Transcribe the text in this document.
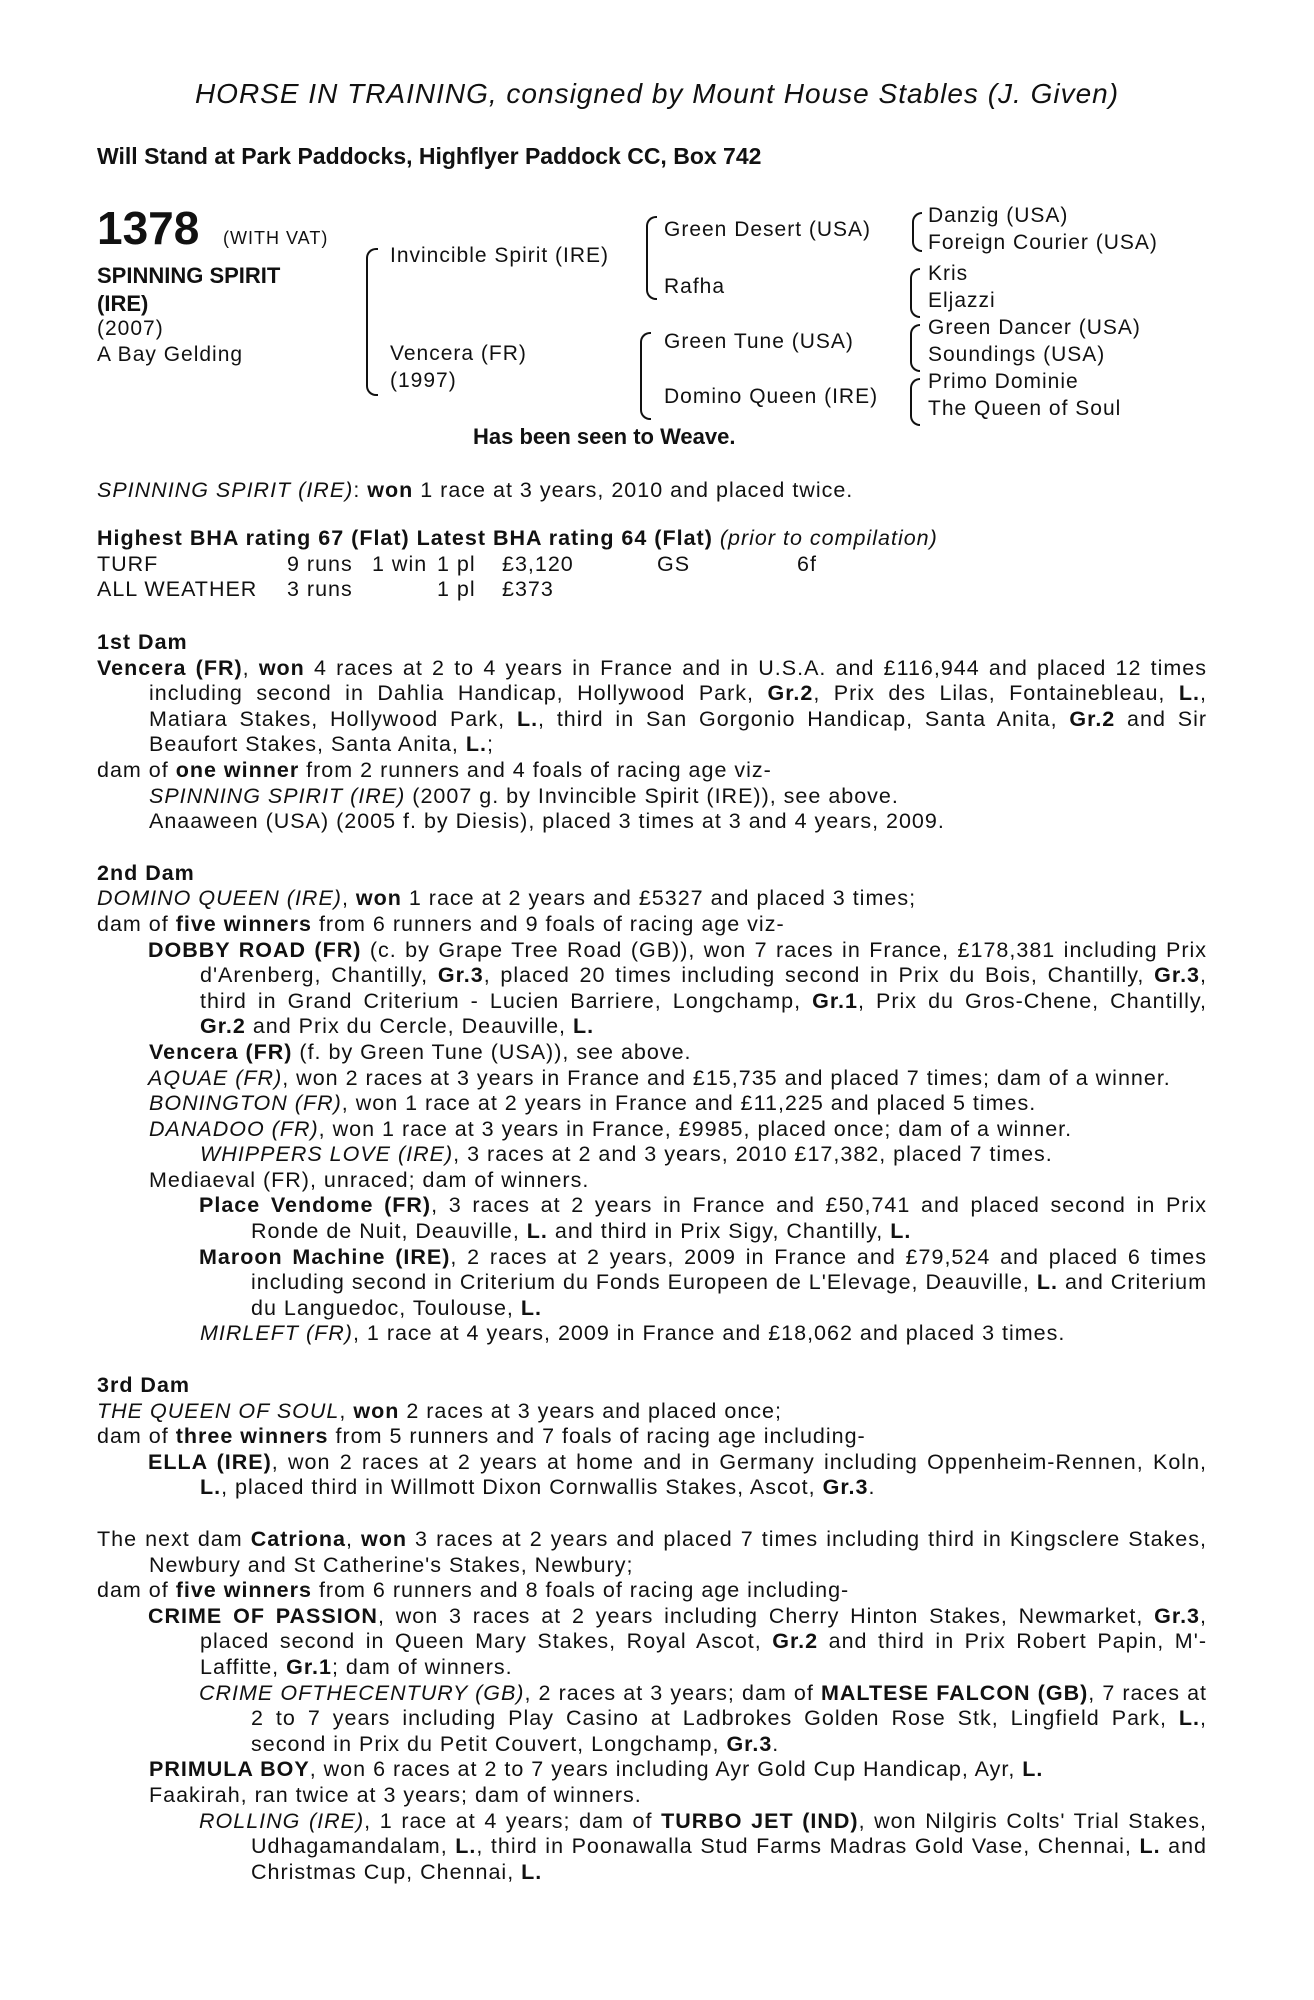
HORSE IN TRAINING, consigned by Mount House Stables (J. Given)
Will Stand at Park Paddocks, Highflyer Paddock CC, Box 742
1378 (WITH VAT)
SPINNING SPIRIT
(IRE)
(2007)
A Bay Gelding
Invincible Spirit (IRE)
Vencera (FR)
(1997)
Green Desert (USA)
Rafha
Green Tune (USA)
Domino Queen (IRE)
Danzig (USA)
Foreign Courier (USA)
Kris
Eljazzi
Green Dancer (USA)
Soundings (USA)
Primo Dominie
The Queen of Soul
Has been seen to Weave.

SPINNING SPIRIT (IRE): won 1 race at 3 years, 2010 and placed twice.

Highest BHA rating 67 (Flat) Latest BHA rating 64 (Flat) (prior to compilation)

TURF	9 runs	1 win	1 pl	£3,120	GS	6f
ALL WEATHER	3 runs		1 pl	£373		

1st Dam

Vencera (FR), won 4 races at 2 to 4 years in France and in U.S.A. and £116,944 and placed 12 times including second in Dahlia Handicap, Hollywood Park, Gr.2, Prix des Lilas, Fontainebleau, L., Matiara Stakes, Hollywood Park, L., third in San Gorgonio Handicap, Santa Anita, Gr.2 and Sir Beaufort Stakes, Santa Anita, L.;

dam of one winner from 2 runners and 4 foals of racing age viz-

SPINNING SPIRIT (IRE) (2007 g. by Invincible Spirit (IRE)), see above.

Anaaween (USA) (2005 f. by Diesis), placed 3 times at 3 and 4 years, 2009.

2nd Dam

DOMINO QUEEN (IRE), won 1 race at 2 years and £5327 and placed 3 times;

dam of five winners from 6 runners and 9 foals of racing age viz-

DOBBY ROAD (FR) (c. by Grape Tree Road (GB)), won 7 races in France, £178,381 including Prix d'Arenberg, Chantilly, Gr.3, placed 20 times including second in Prix du Bois, Chantilly, Gr.3, third in Grand Criterium - Lucien Barriere, Longchamp, Gr.1, Prix du Gros-Chene, Chantilly, Gr.2 and Prix du Cercle, Deauville, L.

Vencera (FR) (f. by Green Tune (USA)), see above.

AQUAE (FR), won 2 races at 3 years in France and £15,735 and placed 7 times; dam of a winner.

BONINGTON (FR), won 1 race at 2 years in France and £11,225 and placed 5 times.

DANADOO (FR), won 1 race at 3 years in France, £9985, placed once; dam of a winner.

WHIPPERS LOVE (IRE), 3 races at 2 and 3 years, 2010 £17,382, placed 7 times.

Mediaeval (FR), unraced; dam of winners.

Place Vendome (FR), 3 races at 2 years in France and £50,741 and placed second in Prix Ronde de Nuit, Deauville, L. and third in Prix Sigy, Chantilly, L.

Maroon Machine (IRE), 2 races at 2 years, 2009 in France and £79,524 and placed 6 times including second in Criterium du Fonds Europeen de L'Elevage, Deauville, L. and Criterium du Languedoc, Toulouse, L.

MIRLEFT (FR), 1 race at 4 years, 2009 in France and £18,062 and placed 3 times.

3rd Dam

THE QUEEN OF SOUL, won 2 races at 3 years and placed once;

dam of three winners from 5 runners and 7 foals of racing age including-

ELLA (IRE), won 2 races at 2 years at home and in Germany including Oppenheim-Rennen, Koln, L., placed third in Willmott Dixon Cornwallis Stakes, Ascot, Gr.3.

The next dam Catriona, won 3 races at 2 years and placed 7 times including third in Kingsclere Stakes, Newbury and St Catherine's Stakes, Newbury;

dam of five winners from 6 runners and 8 foals of racing age including-

CRIME OF PASSION, won 3 races at 2 years including Cherry Hinton Stakes, Newmarket, Gr.3, placed second in Queen Mary Stakes, Royal Ascot, Gr.2 and third in Prix Robert Papin, M'-Laffitte, Gr.1; dam of winners.

CRIME OFTHECENTURY (GB), 2 races at 3 years; dam of MALTESE FALCON (GB), 7 races at 2 to 7 years including Play Casino at Ladbrokes Golden Rose Stk, Lingfield Park, L., second in Prix du Petit Couvert, Longchamp, Gr.3.

PRIMULA BOY, won 6 races at 2 to 7 years including Ayr Gold Cup Handicap, Ayr, L.

Faakirah, ran twice at 3 years; dam of winners.

ROLLING (IRE), 1 race at 4 years; dam of TURBO JET (IND), won Nilgiris Colts' Trial Stakes, Udhagamandalam, L., third in Poonawalla Stud Farms Madras Gold Vase, Chennai, L. and Christmas Cup, Chennai, L.
